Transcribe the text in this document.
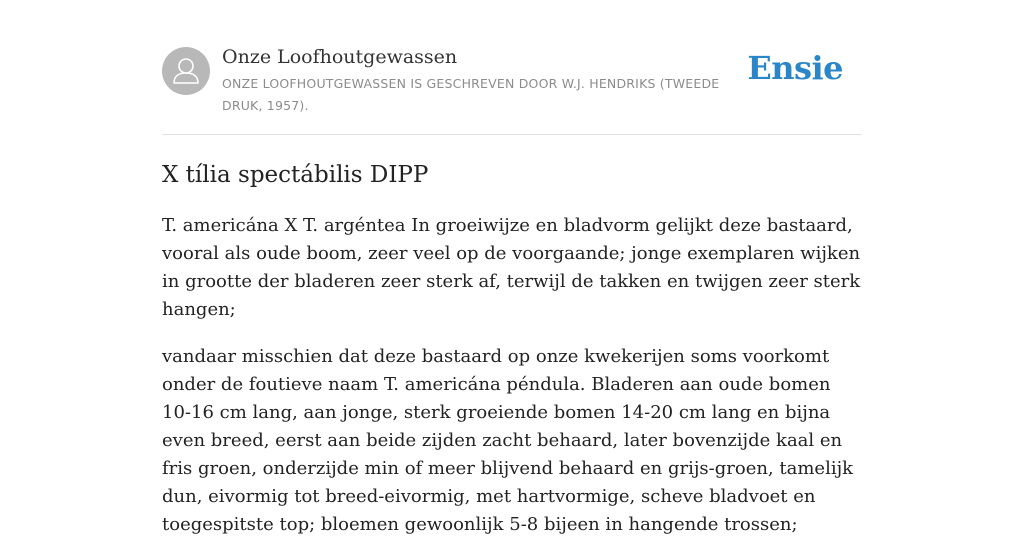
Onze Loofhoutgewassen
ONZE LOOFHOUTGEWASSEN IS GESCHREVEN DOOR W.J. HENDRIKS (TWEEDE DRUK, 1957).
Ensie
X tília spectábilis DIPP

T. americána X T. argéntea In groeiwijze en bladvorm gelijkt deze bastaard, vooral als oude boom, zeer veel op de voorgaande; jonge exemplaren wijken in grootte der bladeren zeer sterk af, terwijl de takken en twijgen zeer sterk hangen;

vandaar misschien dat deze bastaard op onze kwekerijen soms voorkomt onder de foutieve naam T. americána péndula. Bladeren aan oude bomen 10-16 cm lang, aan jonge, sterk groeiende bomen 14-20 cm lang en bijna even breed, eerst aan beide zijden zacht behaard, later bovenzijde kaal en fris groen, onderzijde min of meer blijvend behaard en grijs-groen, tamelijk dun, eivormig tot breed-eivormig, met hartvormige, scheve bladvoet en toegespitste top; bloemen gewoonlijk 5-8 bijeen in hangende trossen;
